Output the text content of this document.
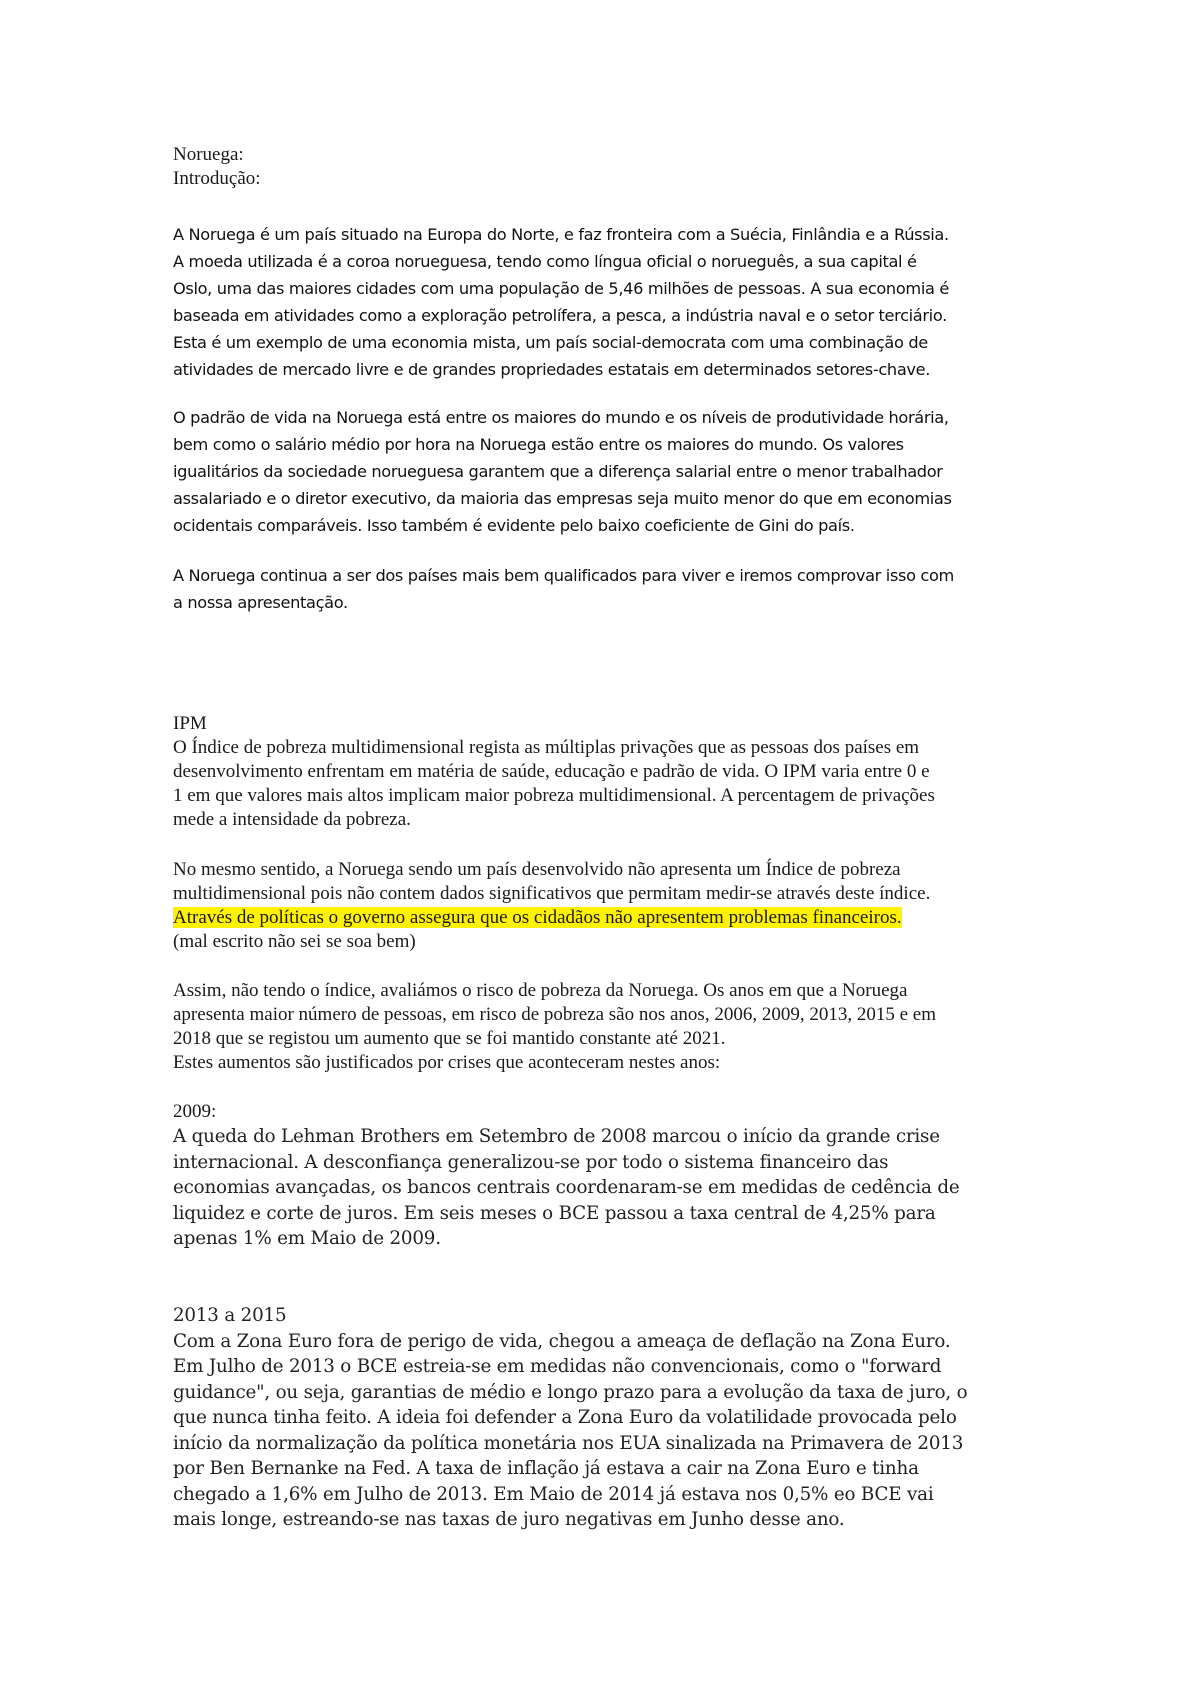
Noruega:
Introdução:
A Noruega é um país situado na Europa do Norte, e faz fronteira com a Suécia, Finlândia e a Rússia.
A moeda utilizada é a coroa norueguesa, tendo como língua oficial o norueguês, a sua capital é
Oslo, uma das maiores cidades com uma população de 5,46 milhões de pessoas. A sua economia é
baseada em atividades como a exploração petrolífera, a pesca, a indústria naval e o setor terciário.
Esta é um exemplo de uma economia mista, um país social-democrata com uma combinação de
atividades de mercado livre e de grandes propriedades estatais em determinados setores-chave.
O padrão de vida na Noruega está entre os maiores do mundo e os níveis de produtividade horária,
bem como o salário médio por hora na Noruega estão entre os maiores do mundo. Os valores
igualitários da sociedade norueguesa garantem que a diferença salarial entre o menor trabalhador
assalariado e o diretor executivo, da maioria das empresas seja muito menor do que em economias
ocidentais comparáveis. Isso também é evidente pelo baixo coeficiente de Gini do país.
A Noruega continua a ser dos países mais bem qualificados para viver e iremos comprovar isso com
a nossa apresentação.
IPM
O Índice de pobreza multidimensional regista as múltiplas privações que as pessoas dos países em
desenvolvimento enfrentam em matéria de saúde, educação e padrão de vida. O IPM varia entre 0 e
1 em que valores mais altos implicam maior pobreza multidimensional. A percentagem de privações
mede a intensidade da pobreza.
No mesmo sentido, a Noruega sendo um país desenvolvido não apresenta um Índice de pobreza
multidimensional pois não contem dados significativos que permitam medir-se através deste índice.
Através de políticas o governo assegura que os cidadãos não apresentem problemas financeiros.
(mal escrito não sei se soa bem)
Assim, não tendo o índice, avaliámos o risco de pobreza da Noruega. Os anos em que a Noruega
apresenta maior número de pessoas, em risco de pobreza são nos anos, 2006, 2009, 2013, 2015 e em
2018 que se registou um aumento que se foi mantido constante até 2021.
Estes aumentos são justificados por crises que aconteceram nestes anos:
2009:
A queda do Lehman Brothers em Setembro de 2008 marcou o início da grande crise
internacional. A desconfiança generalizou-se por todo o sistema financeiro das
economias avançadas, os bancos centrais coordenaram-se em medidas de cedência de
liquidez e corte de juros. Em seis meses o BCE passou a taxa central de 4,25% para
apenas 1% em Maio de 2009.
2013 a 2015
Com a Zona Euro fora de perigo de vida, chegou a ameaça de deflação na Zona Euro.
Em Julho de 2013 o BCE estreia-se em medidas não convencionais, como o "forward
guidance", ou seja, garantias de médio e longo prazo para a evolução da taxa de juro, o
que nunca tinha feito. A ideia foi defender a Zona Euro da volatilidade provocada pelo
início da normalização da política monetária nos EUA sinalizada na Primavera de 2013
por Ben Bernanke na Fed. A taxa de inflação já estava a cair na Zona Euro e tinha
chegado a 1,6% em Julho de 2013. Em Maio de 2014 já estava nos 0,5% eo BCE vai
mais longe, estreando-se nas taxas de juro negativas em Junho desse ano.
